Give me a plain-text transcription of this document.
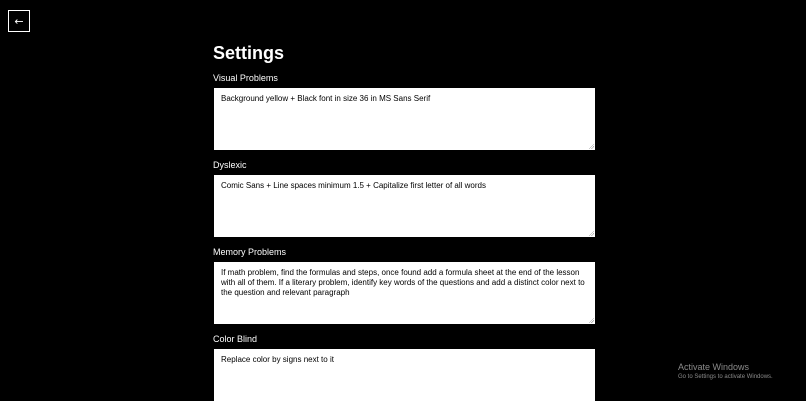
←
Settings
Visual Problems
Background yellow + Black font in size 36 in MS Sans Serif
Dyslexic
Comic Sans + Line spaces minimum 1.5 + Capitalize first letter of all words
Memory Problems
If math problem, find the formulas and steps, once found add a formula sheet at the end of the lesson with all of them. If a literary problem, identify key words of the questions and add a distinct color next to the question and relevant paragraph
Color Blind
Replace color by signs next to it
Activate Windows
Go to Settings to activate Windows.
